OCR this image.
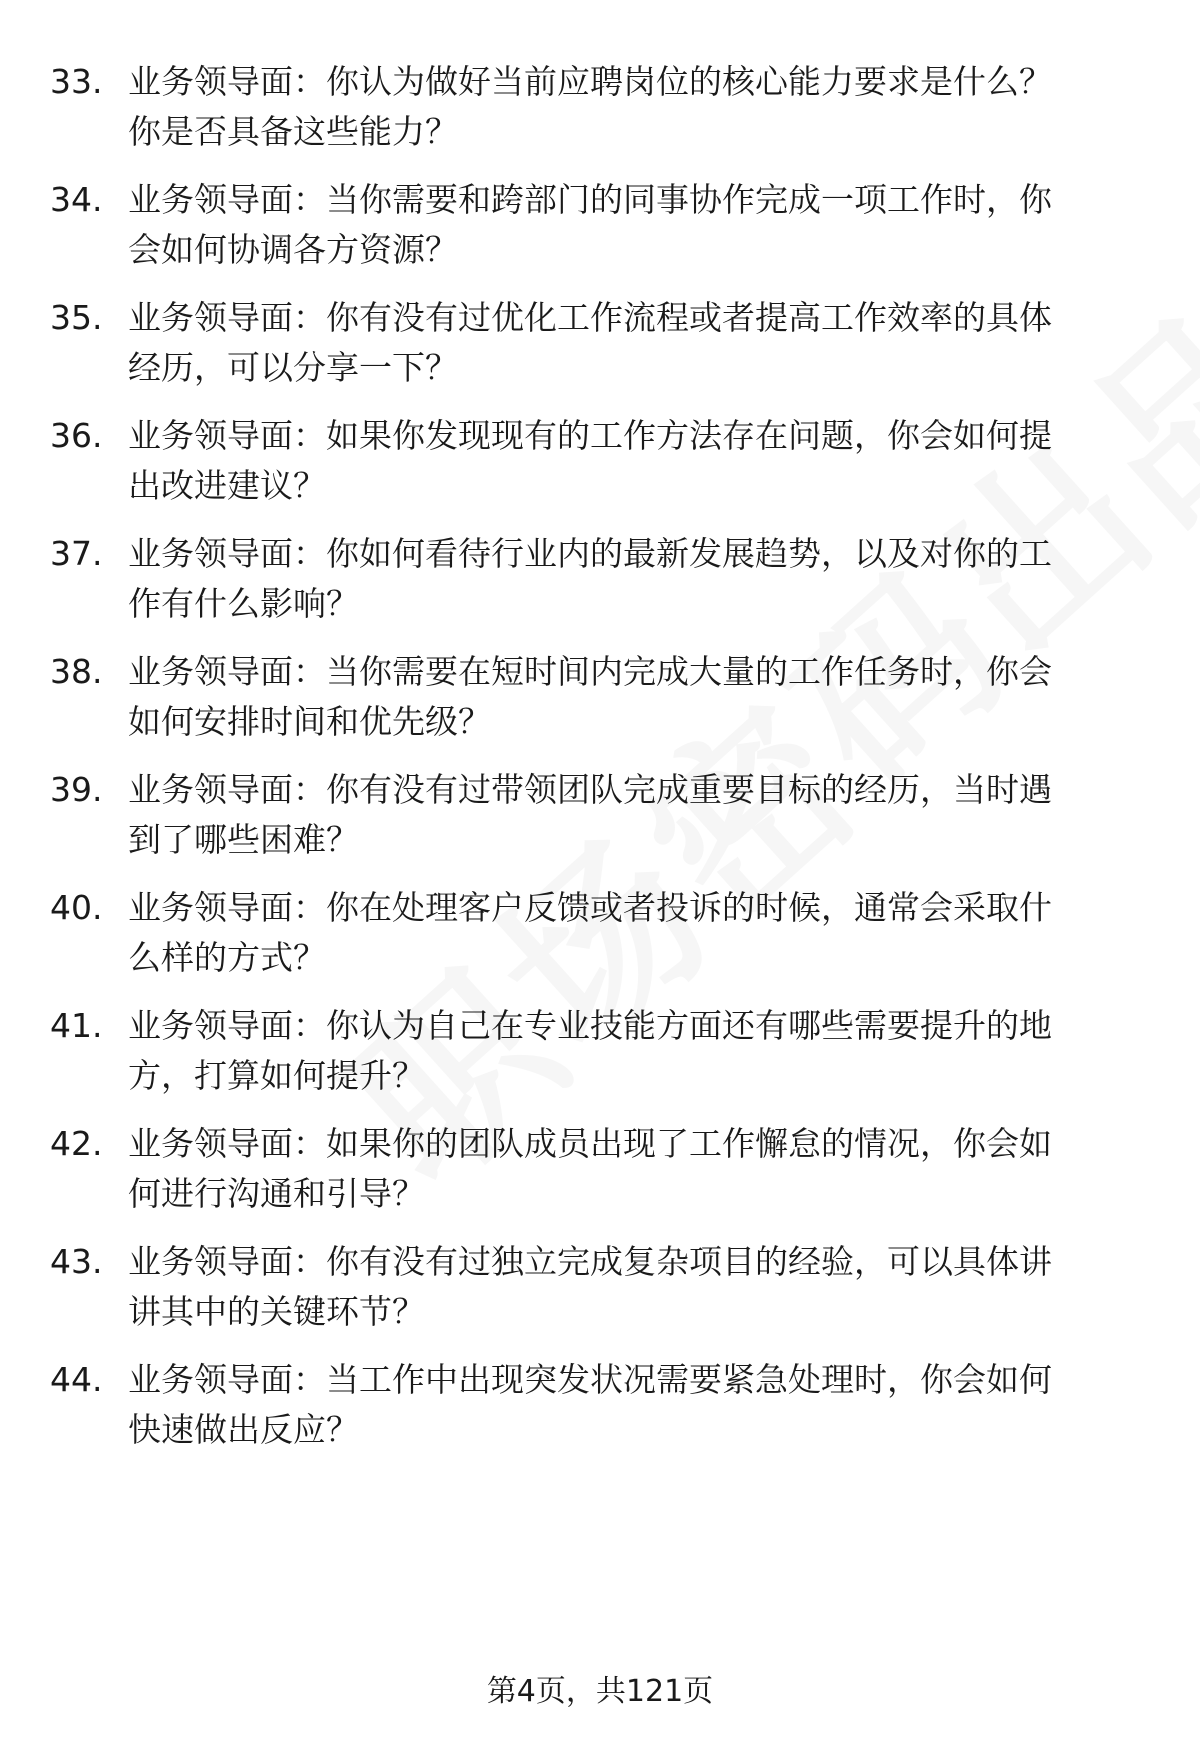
33. 业务领导面：你认为做好当前应聘岗位的核心能力要求是什么？
你是否具备这些能力？
34. 业务领导面：当你需要和跨部门的同事协作完成一项工作时，你
会如何协调各方资源？
35. 业务领导面：你有没有过优化工作流程或者提高工作效率的具体
经历，可以分享一下？
36. 业务领导面：如果你发现现有的工作方法存在问题，你会如何提
出改进建议？
37. 业务领导面：你如何看待行业内的最新发展趋势，以及对你的工
作有什么影响？
38. 业务领导面：当你需要在短时间内完成大量的工作任务时，你会
如何安排时间和优先级？
39. 业务领导面：你有没有过带领团队完成重要目标的经历，当时遇
到了哪些困难？
40. 业务领导面：你在处理客户反馈或者投诉的时候，通常会采取什
么样的方式？
41. 业务领导面：你认为自己在专业技能方面还有哪些需要提升的地
方，打算如何提升？
42. 业务领导面：如果你的团队成员出现了工作懈怠的情况，你会如
何进行沟通和引导？
43. 业务领导面：你有没有过独立完成复杂项目的经验，可以具体讲
讲其中的关键环节？
44. 业务领导面：当工作中出现突发状况需要紧急处理时，你会如何
快速做出反应？
第4页，共121页
